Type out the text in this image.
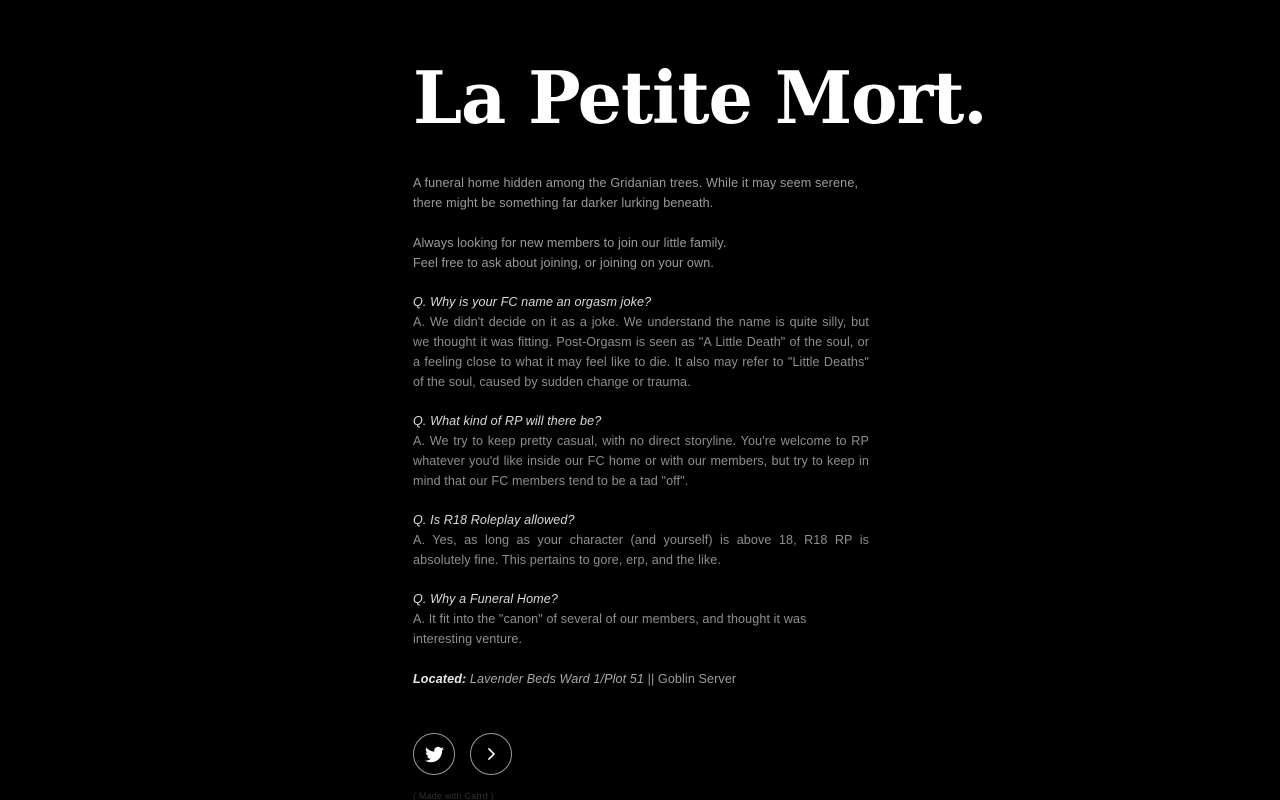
La Petite Mort.

A funeral home hidden among the Gridanian trees. While it may seem serene, there might be something far darker lurking beneath.

Always looking for new members to join our little family.
Feel free to ask about joining, or joining on your own.

Q. Why is your FC name an orgasm joke?

A. We didn't decide on it as a joke. We understand the name is quite silly, but we thought it was fitting. Post-Orgasm is seen as "A Little Death" of the soul, or a feeling close to what it may feel like to die. It also may refer to "Little Deaths" of the soul, caused by sudden change or trauma.

Q. What kind of RP will there be?

A. We try to keep pretty casual, with no direct storyline. You're welcome to RP whatever you'd like inside our FC home or with our members, but try to keep in mind that our FC members tend to be a tad "off".

Q. Is R18 Roleplay allowed?

A. Yes, as long as your character (and yourself) is above 18, R18 RP is absolutely fine. This pertains to gore, erp, and the like.

Q. Why a Funeral Home?

A. It fit into the "canon" of several of our members, and thought it was interesting venture.

Located: Lavender Beds Ward 1/Plot 51 || Goblin Server
( Made with Carrd )
